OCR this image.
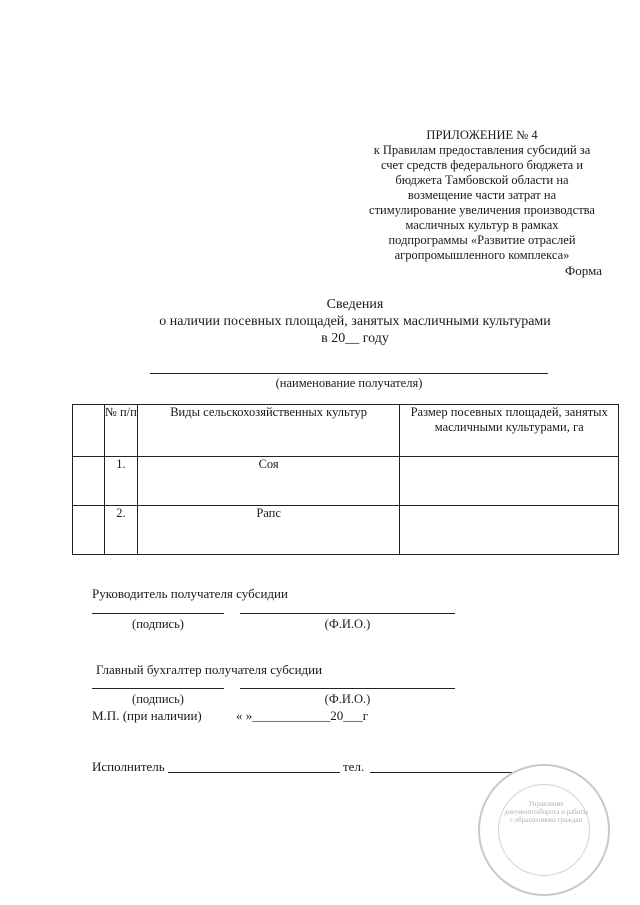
ПРИЛОЖЕНИЕ № 4
к Правилам предоставления субсидий за
счет средств федерального бюджета и
бюджета Тамбовской области на
возмещение части затрат на
стимулирование увеличения производства
масличных культур в рамках
подпрограммы «Развитие отраслей
агропромышленного комплекса»
Форма
Сведения
о наличии посевных площадей, занятых масличными культурами
в 20__ году
(наименование получателя)
	№ п/п	Виды сельскохозяйственных культур	Размер посевных площадей, занятых масличными культурами, га
	1.	Соя	
	2.	Рапс	
Руководитель получателя субсидии
(подпись)	(Ф.И.О.)
Главный бухгалтер получателя субсидии
(подпись)	(Ф.И.О.)
М.П. (при наличии)	« »____________20___г
Исполнитель	тел.
Управление документооборота и работы с обращениями граждан
